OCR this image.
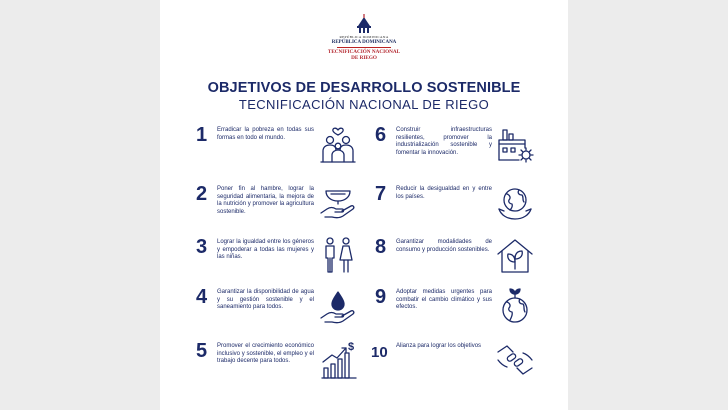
REPÚBLICA DOMINICANA
REPÚBLICA DOMINICANA
TECNIFICACIÓN NACIONAL
DE RIEGO
OBJETIVOS DE DESARROLLO SOSTENIBLE
TECNIFICACIÓN NACIONAL DE RIEGO
1 Erradicar la pobreza en todas sus formas en todo el mundo.
2 Poner fin al hambre, lograr la seguridad alimentaria, la mejora de la nutrición y promover la agricultura sostenible.
3 Lograr la igualdad entre los géneros y empoderar a todas las mujeres y las niñas.
4 Garantizar la disponibilidad de agua y su gestión sostenible y el saneamiento para todos.
5 Promover el crecimiento económico inclusivo y sostenible, el empleo y el trabajo decente para todos.
$
6 Construir infraestructuras resilientes, promover la industrialización sostenible y fomentar la innovación.
7 Reducir la desigualdad en y entre los países.
8 Garantizar modalidades de consumo y producción sostenibles.
9 Adoptar medidas urgentes para combatir el cambio climático y sus efectos.
10 Alianza para lograr los objetivos
